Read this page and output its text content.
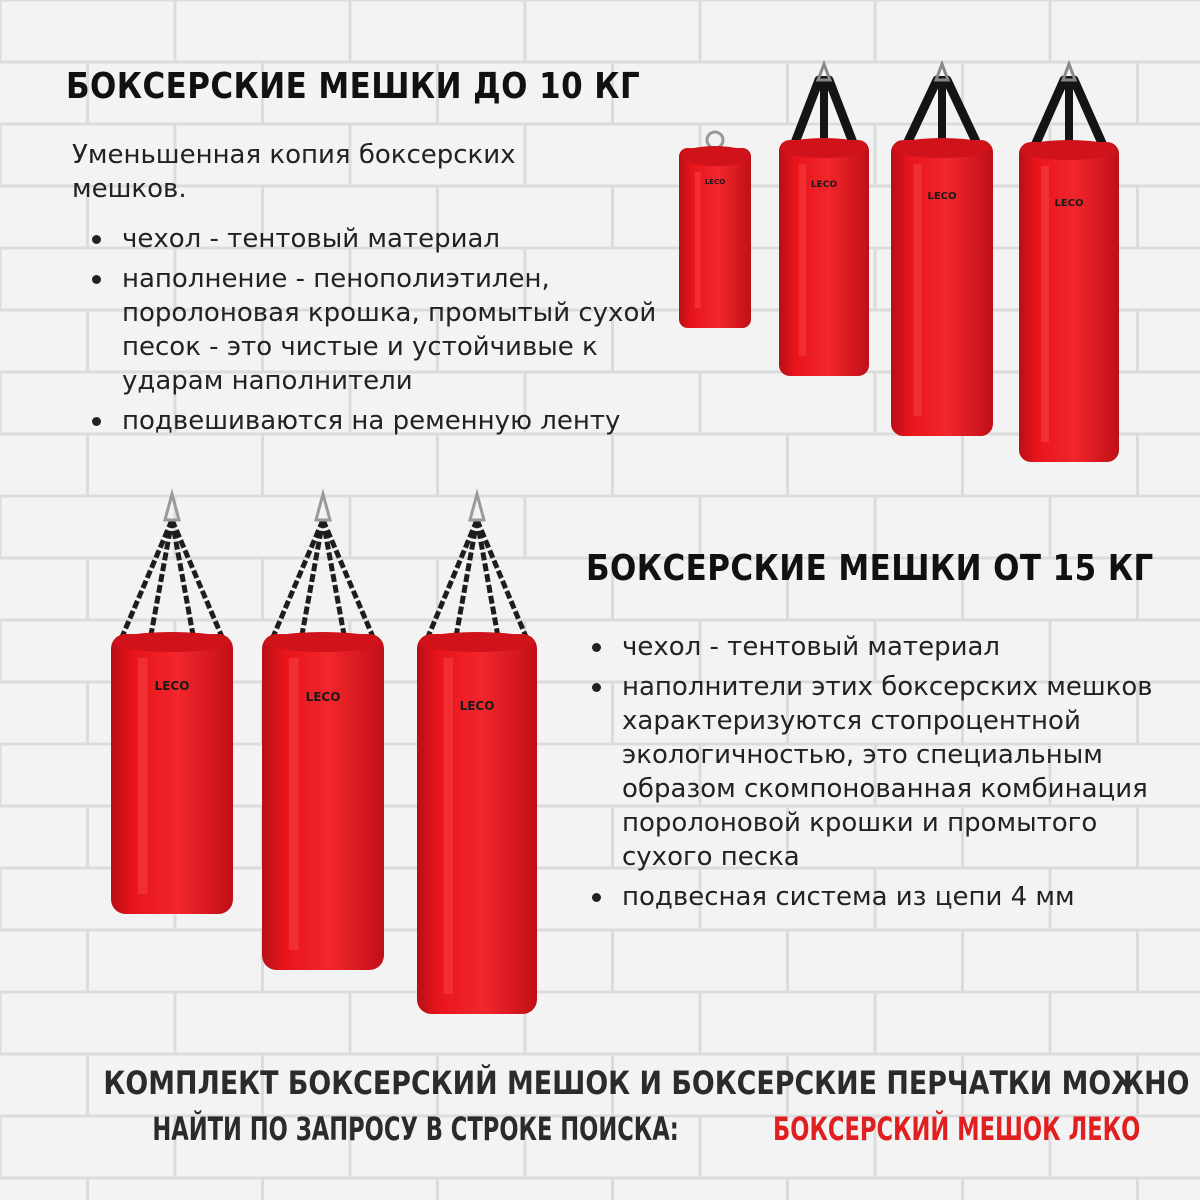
БОКСЕРСКИЕ МЕШКИ ДО 10 КГ

Уменьшенная копия боксерских мешков.

чехол - тентовый материал
наполнение - пенополиэтилен, поролоновая крошка, промытый сухой песок - это чистые и устойчивые к ударам наполнители
подвешиваются на ременную ленту
БОКСЕРСКИЕ МЕШКИ ОТ 15 КГ
чехол - тентовый материал
наполнители этих боксерских мешков характеризуются стопроцентной экологичностью, это специальным образом скомпонованная комбинация поролоновой крошки и промытого сухого песка
подвесная система из цепи 4 мм
LECO	LECO
LECO
LECO
LECO
LECO
LECO
КОМПЛЕКТ БОКСЕРСКИЙ МЕШОК И БОКСЕРСКИЕ ПЕРЧАТКИ МОЖНО
НАЙТИ ПО ЗАПРОСУ В СТРОКЕ ПОИСКА:	БОКСЕРСКИЙ МЕШОК ЛЕКО
